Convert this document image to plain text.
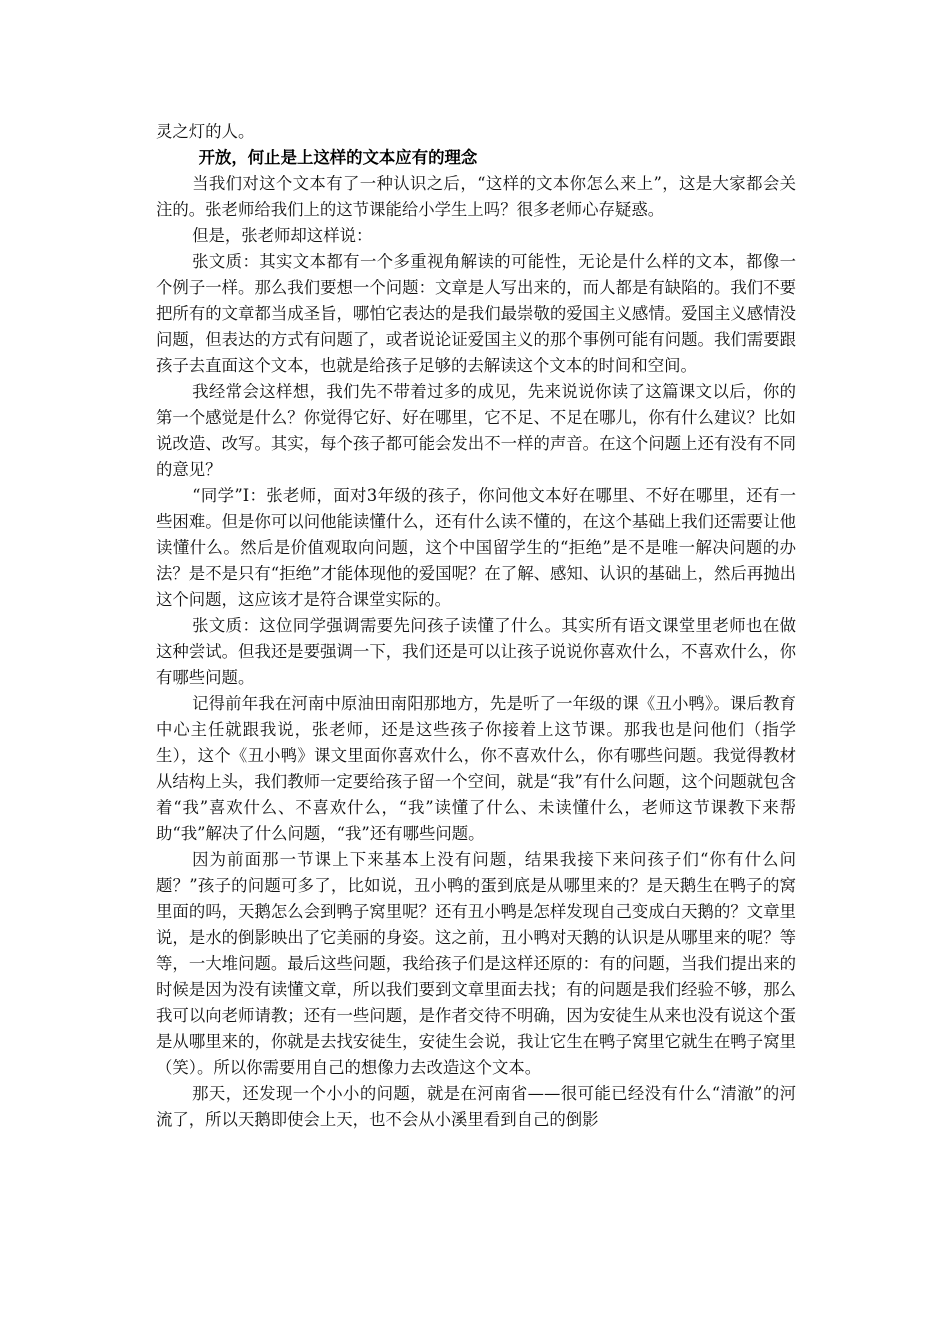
灵之灯的人。

开放，何止是上这样的文本应有的理念

当我们对这个文本有了一种认识之后，“这样的文本你怎么来上”，这是大家都会关注的。张老师给我们上的这节课能给小学生上吗？很多老师心存疑惑。

但是，张老师却这样说：

张文质：其实文本都有一个多重视角解读的可能性，无论是什么样的文本，都像一个例子一样。那么我们要想一个问题：文章是人写出来的，而人都是有缺陷的。我们不要把所有的文章都当成圣旨，哪怕它表达的是我们最崇敬的爱国主义感情。爱国主义感情没问题，但表达的方式有问题了，或者说论证爱国主义的那个事例可能有问题。我们需要跟孩子去直面这个文本，也就是给孩子足够的去解读这个文本的时间和空间。

我经常会这样想，我们先不带着过多的成见，先来说说你读了这篇课文以后，你的第一个感觉是什么？你觉得它好、好在哪里，它不足、不足在哪儿，你有什么建议？比如说改造、改写。其实，每个孩子都可能会发出不一样的声音。在这个问题上还有没有不同的意见？

“同学”I：张老师，面对3年级的孩子，你问他文本好在哪里、不好在哪里，还有一些困难。但是你可以问他能读懂什么，还有什么读不懂的，在这个基础上我们还需要让他读懂什么。然后是价值观取向问题，这个中国留学生的“拒绝”是不是唯一解决问题的办法？是不是只有“拒绝”才能体现他的爱国呢？在了解、感知、认识的基础上，然后再抛出这个问题，这应该才是符合课堂实际的。

张文质：这位同学强调需要先问孩子读懂了什么。其实所有语文课堂里老师也在做这种尝试。但我还是要强调一下，我们还是可以让孩子说说你喜欢什么，不喜欢什么，你有哪些问题。

记得前年我在河南中原油田南阳那地方，先是听了一年级的课《丑小鸭》。课后教育中心主任就跟我说，张老师，还是这些孩子你接着上这节课。那我也是问他们（指学生），这个《丑小鸭》课文里面你喜欢什么，你不喜欢什么，你有哪些问题。我觉得教材从结构上头，我们教师一定要给孩子留一个空间，就是“我”有什么问题，这个问题就包含着“我”喜欢什么、不喜欢什么，“我”读懂了什么、未读懂什么，老师这节课教下来帮助“我”解决了什么问题，“我”还有哪些问题。

因为前面那一节课上下来基本上没有问题，结果我接下来问孩子们“你有什么问题？”孩子的问题可多了，比如说，丑小鸭的蛋到底是从哪里来的？是天鹅生在鸭子的窝里面的吗，天鹅怎么会到鸭子窝里呢？还有丑小鸭是怎样发现自己变成白天鹅的？文章里说，是水的倒影映出了它美丽的身姿。这之前，丑小鸭对天鹅的认识是从哪里来的呢？等等，一大堆问题。最后这些问题，我给孩子们是这样还原的：有的问题，当我们提出来的时候是因为没有读懂文章，所以我们要到文章里面去找；有的问题是我们经验不够，那么我可以向老师请教；还有一些问题，是作者交待不明确，因为安徒生从来也没有说这个蛋是从哪里来的，你就是去找安徒生，安徒生会说，我让它生在鸭子窝里它就生在鸭子窝里（笑）。所以你需要用自己的想像力去改造这个文本。

那天，还发现一个小小的问题，就是在河南省——很可能已经没有什么“清澈”的河流了，所以天鹅即使会上天，也不会从小溪里看到自己的倒影
